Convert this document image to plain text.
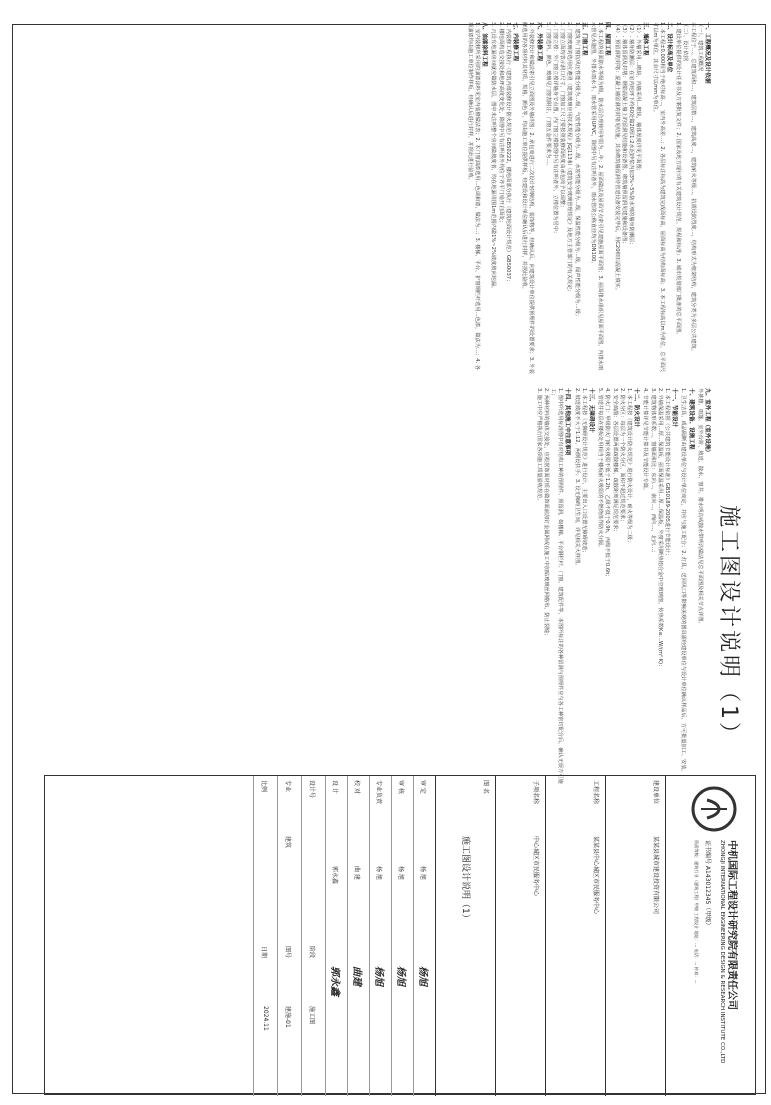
施工图设计说明（1）
一、工程概况及设计依据

（一）、建筑工程概况

本工程位于…，总建筑面积…，建筑层数…，建筑高度…，建筑耐火等级…，抗震设防烈度…，结构形式为框架结构，建筑分类为多层公共建筑。

（二）、设计依据

1. 建设单位提供的设计任务书及方案批复文件；2. 国家及地方现行的有关建筑设计规范、规程和标准；3. 城市规划部门批准的总平面图。

二、设计标高及单位

1. 本工程±0.000相当于绝对标高…，室内外高差…；2. 各层标注标高为建筑完成面标高，屋面标高为结构面标高；3. 本工程标高以m为单位，总平面尺寸以m为单位，其余尺寸以mm为单位。

三、墙体工程

（1）. 外墙采用…砌块，内墙采用…砌块，墙体厚度详见平面图；

（2）. 墙身防潮层：在室内地坪下约60处做20厚1:2水泥砂浆内加3%~5%防水剂的墙身防潮层；

（3）. 墙体留洞及封堵：钢筋混凝土墙上的留洞见结施和设备图，砌筑墙预留洞见建施和设备图；

（4）. 预留洞的封堵：混凝土墙留洞的封堵见结施，其余砌筑墙留洞待管道设备安装完毕后，用C20细石混凝土填实。

四、屋面工程

1. 本工程的屋面防水等级为Ⅰ级，防水层合理使用年限为…年；2. 屋面做法及屋面节点索引见建施屋面平面图；3. 屋面排水组织见屋面平面图，内排水雨水管见水施图，外排水雨水斗、雨水管采用UPVC，除图中另有注明者外，雨水管的公称直径均为DN100。

五、门窗工程

1. 建筑外门窗抗风压性能分级为…级，气密性能分级为…级，水密性能分级为…级，保温性能分级为…级，隔声性能分级为…级；

2. 门窗玻璃的选用应遵照《建筑玻璃应用技术规程》JGJ113和《建筑安全玻璃管理规定》及地方主管部门的有关规定；

3. 门窗立面均表示洞口尺寸，门窗加工尺寸要按照装修面厚度由承包商予以调整；

4. 门窗立樘：外门窗立樘详墙身节点图，内门窗立樘除图中另有注明者外，立樘位置为居中；

5. 门窗选料、颜色、玻璃见门窗表附注，门窗五金件要求为…。

六、外装修工程

1. 外装修设计和做法索引见立面图及外墙详图；2. 承包商进行二次设计轻钢结构、装饰物等，经确认后，向建筑设计单位提供预埋件的设置要求；3. 外装修选用的各项材料其材质、规格、颜色等，均由施工单位提供样板，经建设和设计单位确认后进行封样，并据此验收。

七、内装修工程

1. 内装修工程执行《建筑内部装修设计防火规范》GB50222，楼地面部分执行《建筑地面设计规范》GB50037；

2. 楼地面构造交接处和地坪高度变化处，除图中另有注明者外均位于齐平门扇开启面处；

3. 凡设有地漏房间就应做防水层，图中未注明整个房间做坡度者，均在地漏周围1m范围内做1%~2%坡度坡向地漏。

八、油漆涂料工程

1. 室内装修所采用的油漆涂料见室内装修做法表；2. 木门窗油漆选用…色调和漆，做法为…；3. 楼梯、平台、护窗钢栏杆选用…色漆，做法为…；4. 各项油漆均由施工单位制作样板，经确认后进行封样，并据此进行验收。

九、室外工程（室外设施）

外挑檐、雨篷、室外台阶、坡道、散水、窗井、排水明沟或散水带明沟做法见总平面图及相关节点详图。

十、建筑设备、设施工程

1. 卫生洁具、成品隔断由建设单位与设计单位商定，并应与施工配合；2. 灯具、送回风口等影响美观的器具需经建设单位与设计单位确认样品后，方可批量加工、安装。

十一、节能设计

1. 本工程依据《公共建筑节能设计标准》GB50189-2005进行节能设计；

2. 外墙保温采用…厚…保温板，屋面保温采用…厚…保温板，外窗采用断热铝合金中空玻璃窗，传热系数K≤…W/(m²·K)；

3. 建筑物体形系数…，窗墙面积比：东向…，南向…，西向…，北向…；

4. 节能计算详见节能计算书及节能设计专篇。

十二、防火设计

1. 本工程按《建筑设计防火规范》进行防火设计，耐火等级为二级；

2. 防火分区：每层为一个防火分区，面积不超过规范要求；

3. 安全疏散：各层设置两部疏散楼梯，疏散距离满足规范要求；

4. 防火门：甲级防火门耐火极限不低于1.2h，乙级不低于0.9h，丙级不低于0.6h；

5. 管道井每层在楼板处用相当于楼板耐火极限的不燃烧体作防火分隔。

十三、无障碍设计

1. 本工程按《无障碍设计规范》进行设计，主要出入口设置无障碍坡道；

2. 坡道坡度不大于1:12，两侧设扶手；3. 设无障碍卫生间，详见相关大样图。

十四、其他施工中注意事项

1. 图中所选用标准图中有对结构工种的预埋件、预留洞，如楼梯、平台钢栏杆、门窗、建筑配件等，本图所标注的各种留洞与预埋件应与各工种密切配合后，确认无误方可施工；

2. 两种材料的墙体交接处，应根据饰面材质在做饰面前加钉金属网或在施工中加贴玻璃丝网格布，防止裂缝；

3. 施工中应严格执行国家各项施工质量验收规范。

中机国际工程设计研究院有限责任公司
ZHONGJI INTERNATIONAL ENGINEERING DESIGN & RESEARCH INSTITUTE CO.,LTD
证书编号 A143012345（甲级）
资质等级：建筑行业（建筑工程）甲级 工程设计 地址：… 电话：… 传真：…
建设单位
某某县城市建设投资有限公司
工程名称
某某县中心城区市民服务中心
子项名称
中心城区市民服务中心
图 名
施工图设计说明（1）
审 定
杨 旭
杨旭
审 核
杨 旭
杨旭
专业负责
杨 旭
杨旭
校 对
曲 建
曲建
设 计
郭永鑫
郭永鑫
设计号
阶段
施工图
专业
建筑
图号
建施-01
比例
日期
2024.11
